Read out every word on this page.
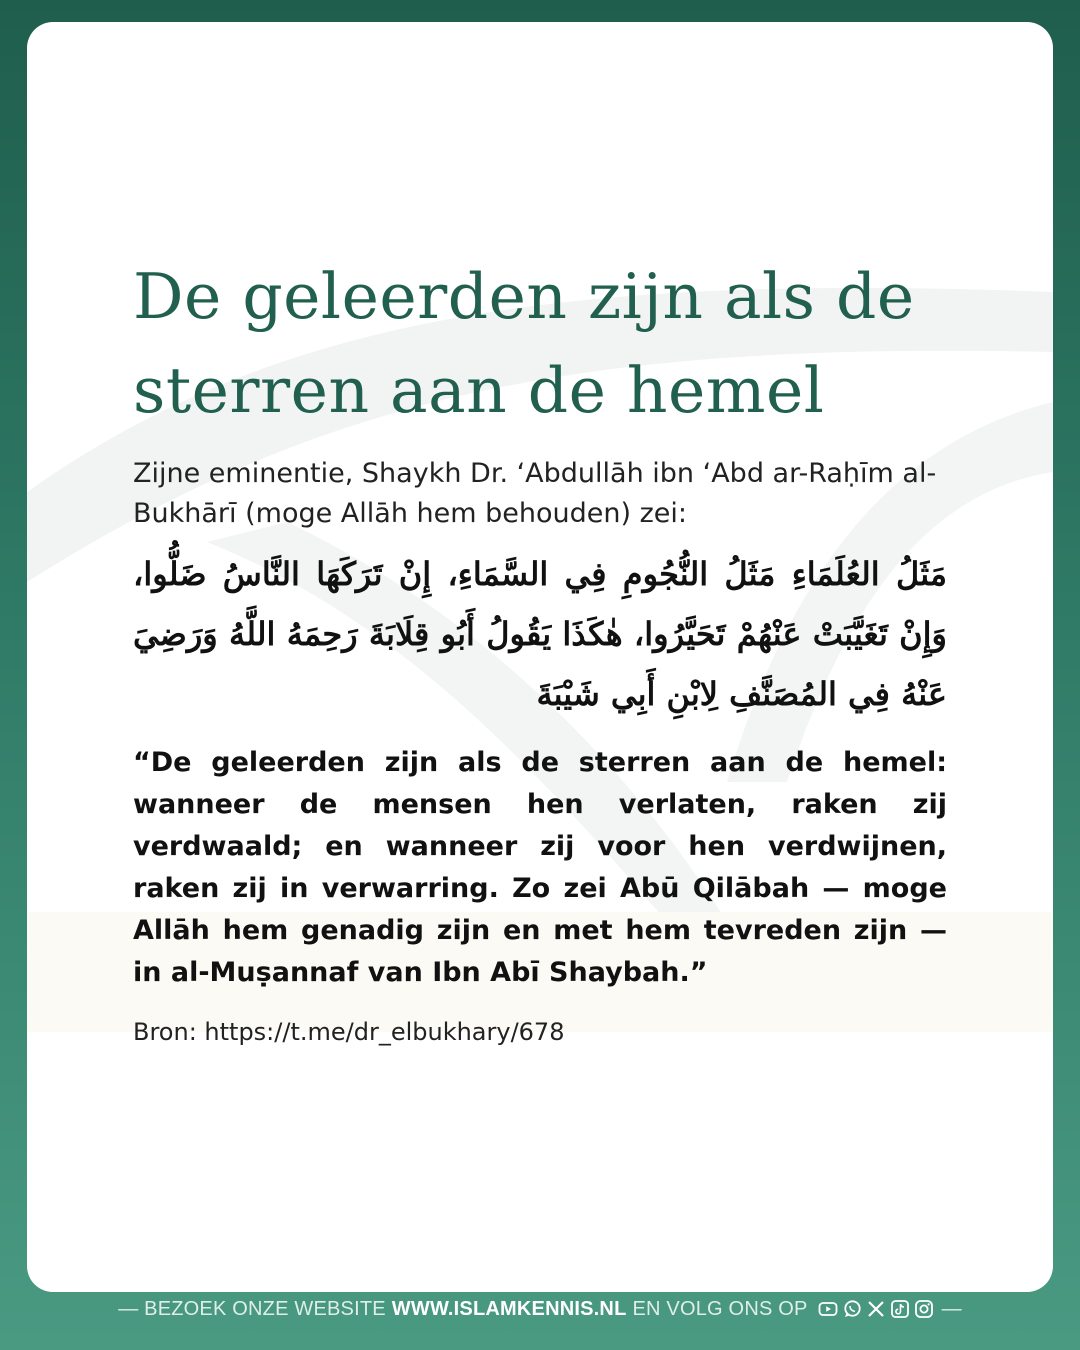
De geleerden zijn als de sterren aan de hemel

Zijne eminentie, Shaykh Dr. ‘Abdullāh ibn ‘Abd ar-Raḥīm al-Bukhārī (moge Allāh hem behouden) zei:

مَثَلُ العُلَمَاءِ مَثَلُ النُّجُومِ فِي السَّمَاءِ، إِنْ تَرَكَهَا النَّاسُ ضَلُّوا، وَإِنْ تَغَيَّبَتْ عَنْهُمْ تَحَيَّرُوا، هٰكَذَا يَقُولُ أَبُو قِلَابَةَ رَحِمَهُ اللَّهُ وَرَضِيَ عَنْهُ فِي المُصَنَّفِ لِابْنِ أَبِي شَيْبَةَ

“De geleerden zijn als de sterren aan de hemel: wanneer de mensen hen verlaten, raken zij verdwaald; en wanneer zij voor hen verdwijnen, raken zij in verwarring. Zo zei Abū Qilābah — moge Allāh hem genadig zijn en met hem tevreden zijn — in al-Muṣannaf van Ibn Abī Shaybah.”

Bron: https://t.me/dr_elbukhary/678

— BEZOEK ONZE WEBSITE WWW.ISLAMKENNIS.NL EN VOLG ONS OP	—
